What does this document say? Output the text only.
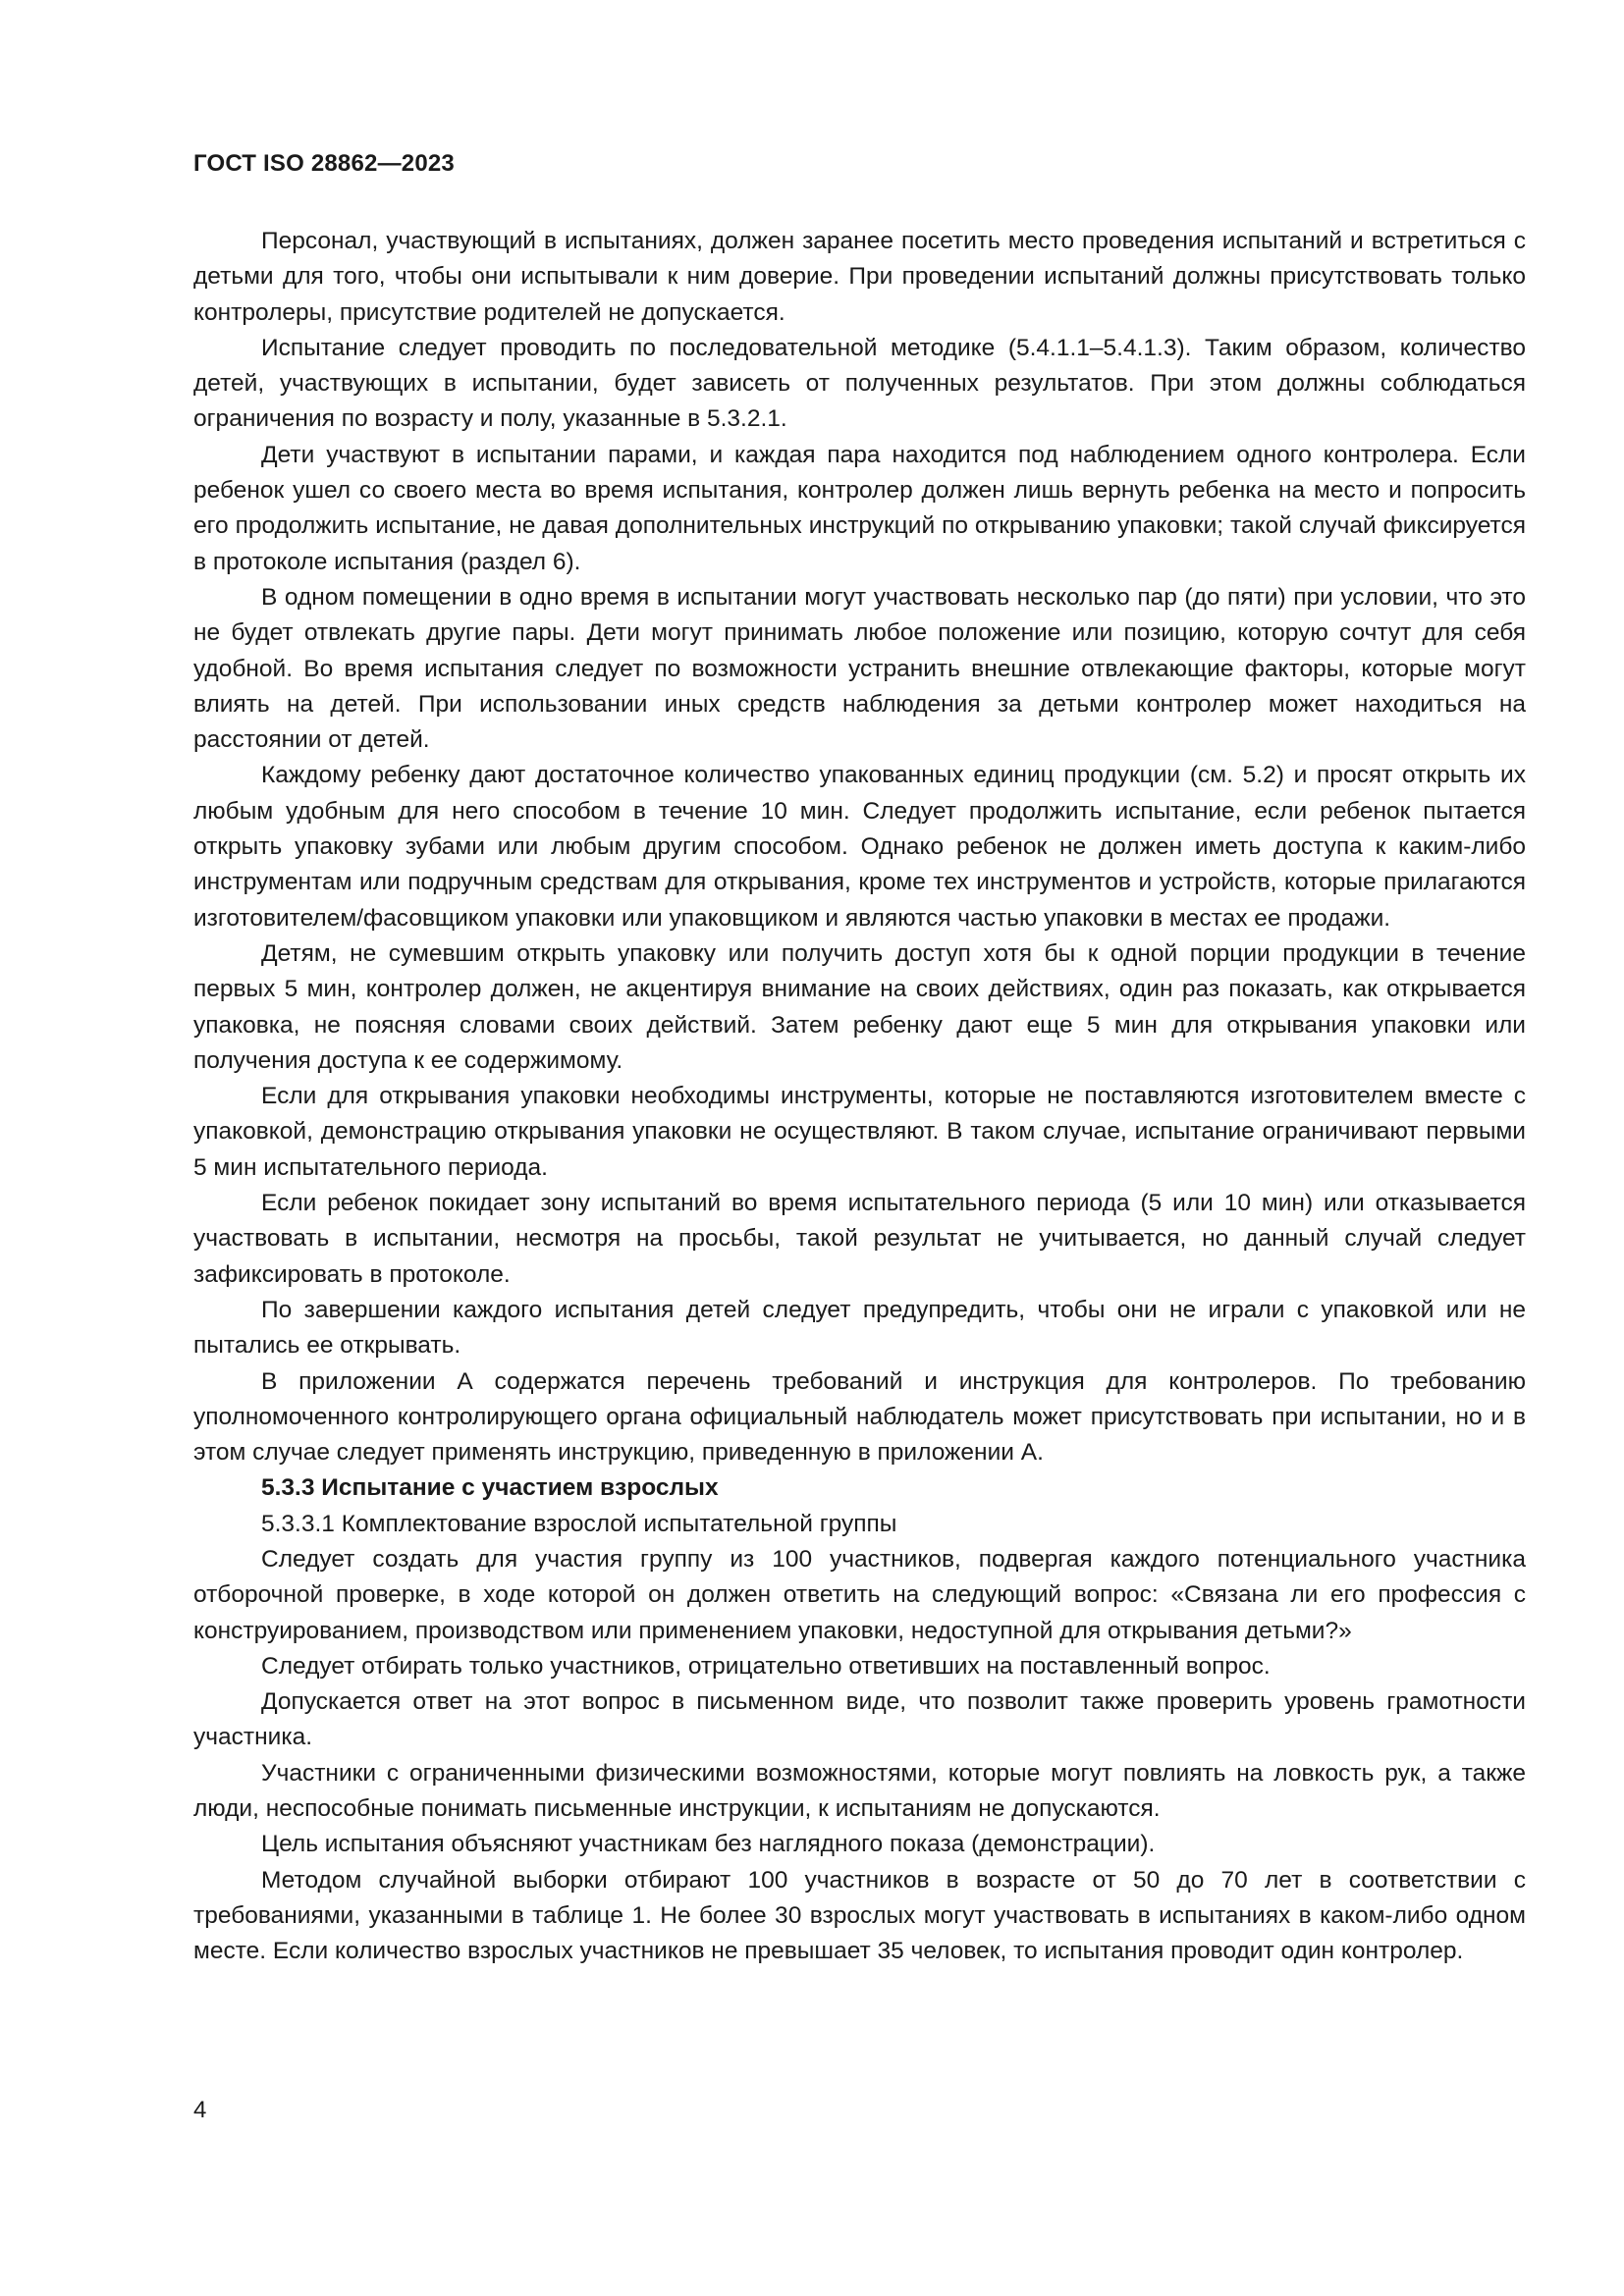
ГОСТ ISO 28862—2023

Персонал, участвующий в испытаниях, должен заранее посетить место проведения испытаний и встретиться с детьми для того, чтобы они испытывали к ним доверие. При проведении испытаний должны присутствовать только контролеры, присутствие родителей не допускается.

Испытание следует проводить по последовательной методике (5.4.1.1–5.4.1.3). Таким образом, количество детей, участвующих в испытании, будет зависеть от полученных результатов. При этом должны соблюдаться ограничения по возрасту и полу, указанные в 5.3.2.1.

Дети участвуют в испытании парами, и каждая пара находится под наблюдением одного контролера. Если ребенок ушел со своего места во время испытания, контролер должен лишь вернуть ребенка на место и попросить его продолжить испытание, не давая дополнительных инструкций по открыванию упаковки; такой случай фиксируется в протоколе испытания (раздел 6).

В одном помещении в одно время в испытании могут участвовать несколько пар (до пяти) при условии, что это не будет отвлекать другие пары. Дети могут принимать любое положение или позицию, которую сочтут для себя удобной. Во время испытания следует по возможности устранить внешние отвлекающие факторы, которые могут влиять на детей. При использовании иных средств наблюдения за детьми контролер может находиться на расстоянии от детей.

Каждому ребенку дают достаточное количество упакованных единиц продукции (см. 5.2) и просят открыть их любым удобным для него способом в течение 10 мин. Следует продолжить испытание, если ребенок пытается открыть упаковку зубами или любым другим способом. Однако ребенок не должен иметь доступа к каким-либо инструментам или подручным средствам для открывания, кроме тех инструментов и устройств, которые прилагаются изготовителем/фасовщиком упаковки или упаковщиком и являются частью упаковки в местах ее продажи.

Детям, не сумевшим открыть упаковку или получить доступ хотя бы к одной порции продукции в течение первых 5 мин, контролер должен, не акцентируя внимание на своих действиях, один раз показать, как открывается упаковка, не поясняя словами своих действий. Затем ребенку дают еще 5 мин для открывания упаковки или получения доступа к ее содержимому.

Если для открывания упаковки необходимы инструменты, которые не поставляются изготовителем вместе с упаковкой, демонстрацию открывания упаковки не осуществляют. В таком случае, испытание ограничивают первыми 5 мин испытательного периода.

Если ребенок покидает зону испытаний во время испытательного периода (5 или 10 мин) или отказывается участвовать в испытании, несмотря на просьбы, такой результат не учитывается, но данный случай следует зафиксировать в протоколе.

По завершении каждого испытания детей следует предупредить, чтобы они не играли с упаковкой или не пытались ее открывать.

В приложении А содержатся перечень требований и инструкция для контролеров. По требованию уполномоченного контролирующего органа официальный наблюдатель может присутствовать при испытании, но и в этом случае следует применять инструкцию, приведенную в приложении А.

5.3.3 Испытание с участием взрослых

5.3.3.1 Комплектование взрослой испытательной группы

Следует создать для участия группу из 100 участников, подвергая каждого потенциального участника отборочной проверке, в ходе которой он должен ответить на следующий вопрос: «Связана ли его профессия с конструированием, производством или применением упаковки, недоступной для открывания детьми?»

Следует отбирать только участников, отрицательно ответивших на поставленный вопрос.

Допускается ответ на этот вопрос в письменном виде, что позволит также проверить уровень грамотности участника.

Участники с ограниченными физическими возможностями, которые могут повлиять на ловкость рук, а также люди, неспособные понимать письменные инструкции, к испытаниям не допускаются.

Цель испытания объясняют участникам без наглядного показа (демонстрации).

Методом случайной выборки отбирают 100 участников в возрасте от 50 до 70 лет в соответствии с требованиями, указанными в таблице 1. Не более 30 взрослых могут участвовать в испытаниях в каком-либо одном месте. Если количество взрослых участников не превышает 35 человек, то испытания проводит один контролер.

4
